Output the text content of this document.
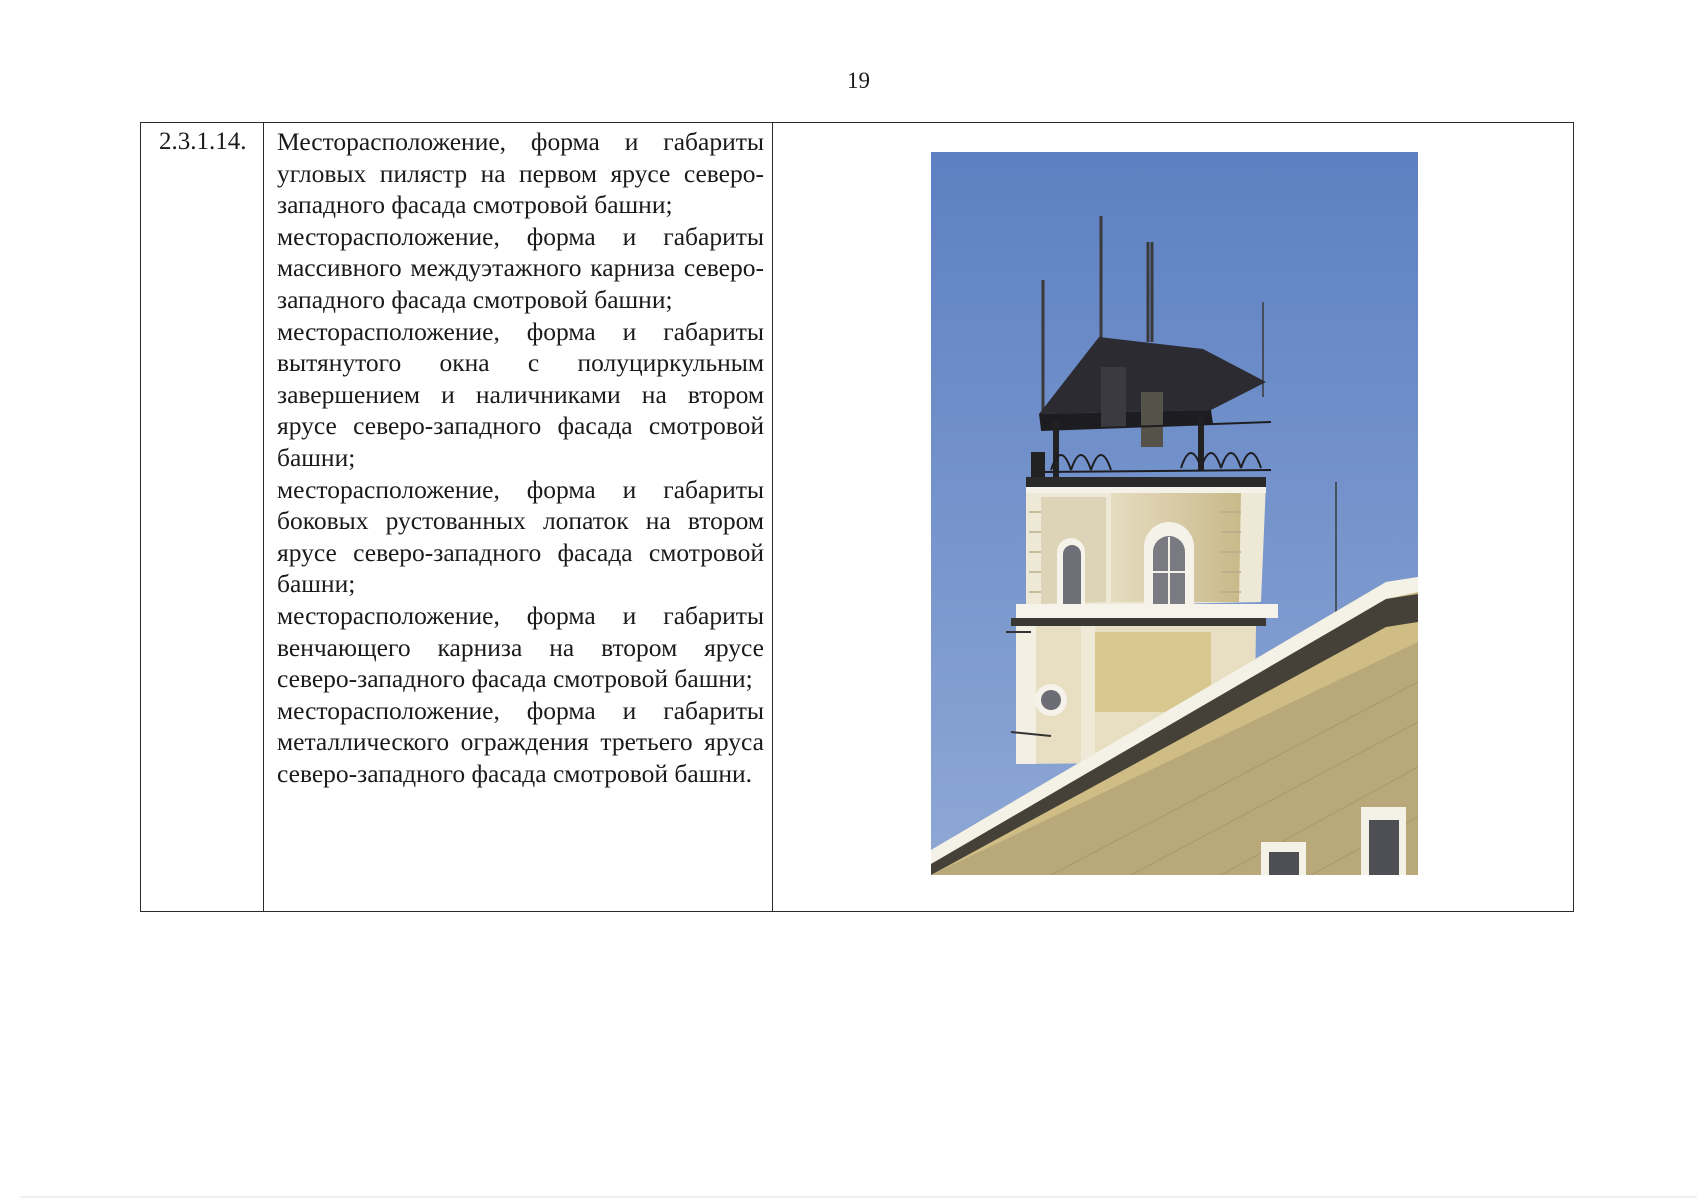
19
2.3.1.14.	Месторасположение, форма и габариты угловых пилястр на первом ярусе северо-западного фасада смотровой башни;

месторасположение, форма и габариты массивного междуэтажного карниза северо-западного фасада смотровой башни;

месторасположение, форма и габариты вытянутого окна с полуциркульным завершением и наличниками на втором ярусе северо-западного фасада смотровой башни;

месторасположение, форма и габариты боковых рустованных лопаток на втором ярусе северо-западного фасада смотровой башни;

месторасположение, форма и габариты венчающего карниза на втором ярусе северо-западного фасада смотровой башни;

месторасположение, форма и габариты металлического ограждения третьего яруса северо-западного фасада смотровой башни.
